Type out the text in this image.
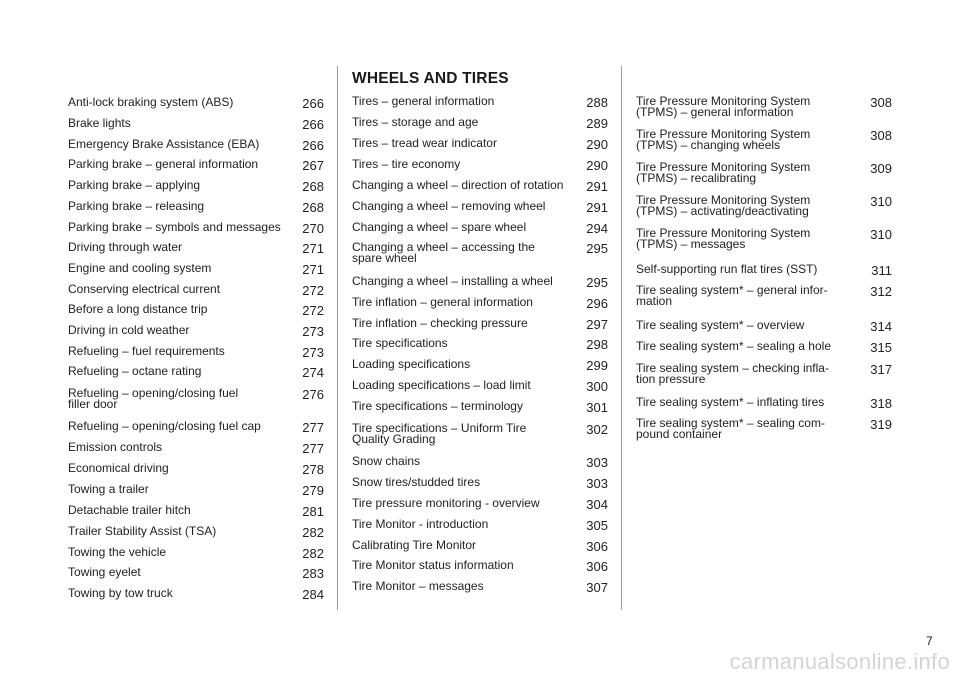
Anti-lock braking system (ABS)	266
Brake lights	266
Emergency Brake Assistance (EBA)	266
Parking brake – general information	267
Parking brake – applying	268
Parking brake – releasing	268
Parking brake – symbols and messages	270
Driving through water	271
Engine and cooling system	271
Conserving electrical current	272
Before a long distance trip	272
Driving in cold weather	273
Refueling – fuel requirements	273
Refueling – octane rating	274
Refueling – opening/closing fuel
filler door
276
Refueling – opening/closing fuel cap	277
Emission controls	277
Economical driving	278
Towing a trailer	279
Detachable trailer hitch	281
Trailer Stability Assist (TSA)	282
Towing the vehicle	282
Towing eyelet	283
Towing by tow truck	284
WHEELS AND TIRES
Tires – general information	288
Tires – storage and age	289
Tires – tread wear indicator	290
Tires – tire economy	290
Changing a wheel – direction of rotation	291
Changing a wheel – removing wheel	291
Changing a wheel – spare wheel	294
Changing a wheel – accessing the
spare wheel
295
Changing a wheel – installing a wheel	295
Tire inflation – general information	296
Tire inflation – checking pressure	297
Tire specifications	298
Loading specifications	299
Loading specifications – load limit	300
Tire specifications – terminology	301
Tire specifications – Uniform Tire
Quality Grading
302
Snow chains	303
Snow tires/studded tires	303
Tire pressure monitoring - overview	304
Tire Monitor - introduction	305
Calibrating Tire Monitor	306
Tire Monitor status information	306
Tire Monitor – messages	307
Tire Pressure Monitoring System
(TPMS) – general information
308
Tire Pressure Monitoring System
(TPMS) – changing wheels
308
Tire Pressure Monitoring System
(TPMS) – recalibrating
309
Tire Pressure Monitoring System
(TPMS) – activating/deactivating
310
Tire Pressure Monitoring System
(TPMS) – messages
310
Self-supporting run flat tires (SST)	311
Tire sealing system* – general infor-
mation
312
Tire sealing system* – overview	314
Tire sealing system* – sealing a hole	315
Tire sealing system – checking infla-
tion pressure
317
Tire sealing system* – inflating tires	318
Tire sealing system* – sealing com-
pound container
319
7
carmanualsonline.info
